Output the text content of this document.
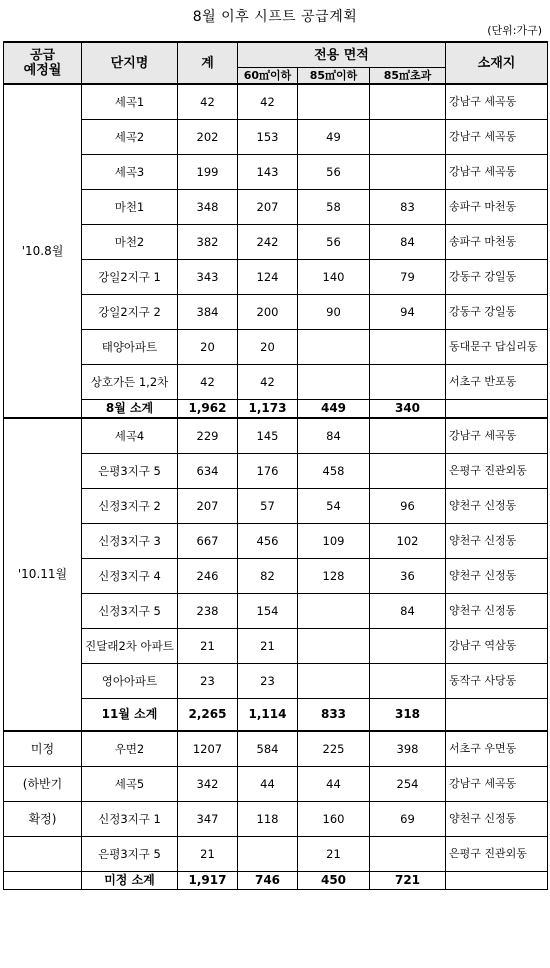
8월 이후 시프트 공급계획
(단위:가구)
공급
예정월	단지명	계	전용 면적			소재지
			60㎡이하	85㎡이하	85㎡초과	
'10.8월	세곡1	42	42			강남구 세곡동
	세곡2	202	153	49		강남구 세곡동
	세곡3	199	143	56		강남구 세곡동
	마천1	348	207	58	83	송파구 마천동
	마천2	382	242	56	84	송파구 마천동
	강일2지구 1	343	124	140	79	강동구 강일동
	강일2지구 2	384	200	90	94	강동구 강일동
	태양아파트	20	20			동대문구 답십리동
	상호가든 1,2차	42	42			서초구 반포동
	8월 소계	1,962	1,173	449	340	
'10.11월	세곡4	229	145	84		강남구 세곡동
	은평3지구 5	634	176	458		은평구 진관외동
	신정3지구 2	207	57	54	96	양천구 신정동
	신정3지구 3	667	456	109	102	양천구 신정동
	신정3지구 4	246	82	128	36	양천구 신정동
	신정3지구 5	238	154		84	양천구 신정동
	진달래2차 아파트	21	21			강남구 역삼동
	영아아파트	23	23			동작구 사당동
	11월 소계	2,265	1,114	833	318	
미정	우면2	1207	584	225	398	서초구 우면동
(하반기	세곡5	342	44	44	254	강남구 세곡동
확정)	신정3지구 1	347	118	160	69	양천구 신정동
	은평3지구 5	21		21		은평구 진관외동
	미정 소계	1,917	746	450	721	
